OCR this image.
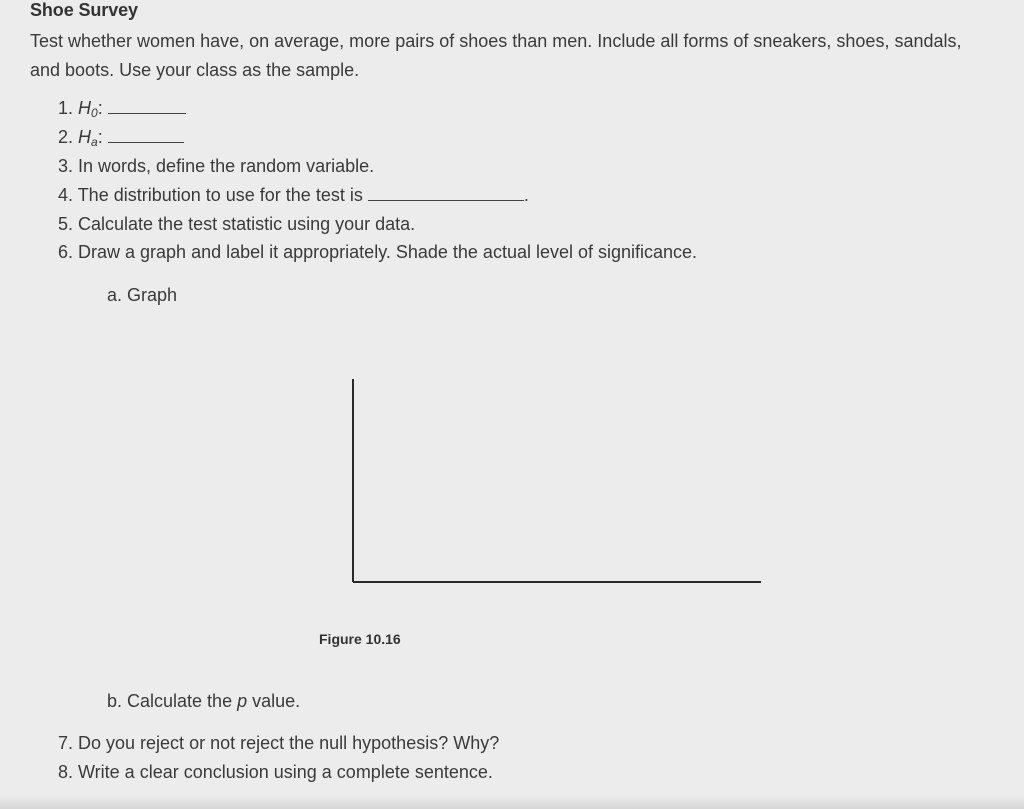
Shoe Survey
Test whether women have, on average, more pairs of shoes than men. Include all forms of sneakers, shoes, sandals, and boots. Use your class as the sample.
1. $H_0$:
2. $H_a$:
3. In words, define the random variable.
4. The distribution to use for the test is	.
5. Calculate the test statistic using your data.
6. Draw a graph and label it appropriately. Shade the actual level of significance.
a. Graph
Figure 10.16
b. Calculate the p value.
7. Do you reject or not reject the null hypothesis? Why?
8. Write a clear conclusion using a complete sentence.
